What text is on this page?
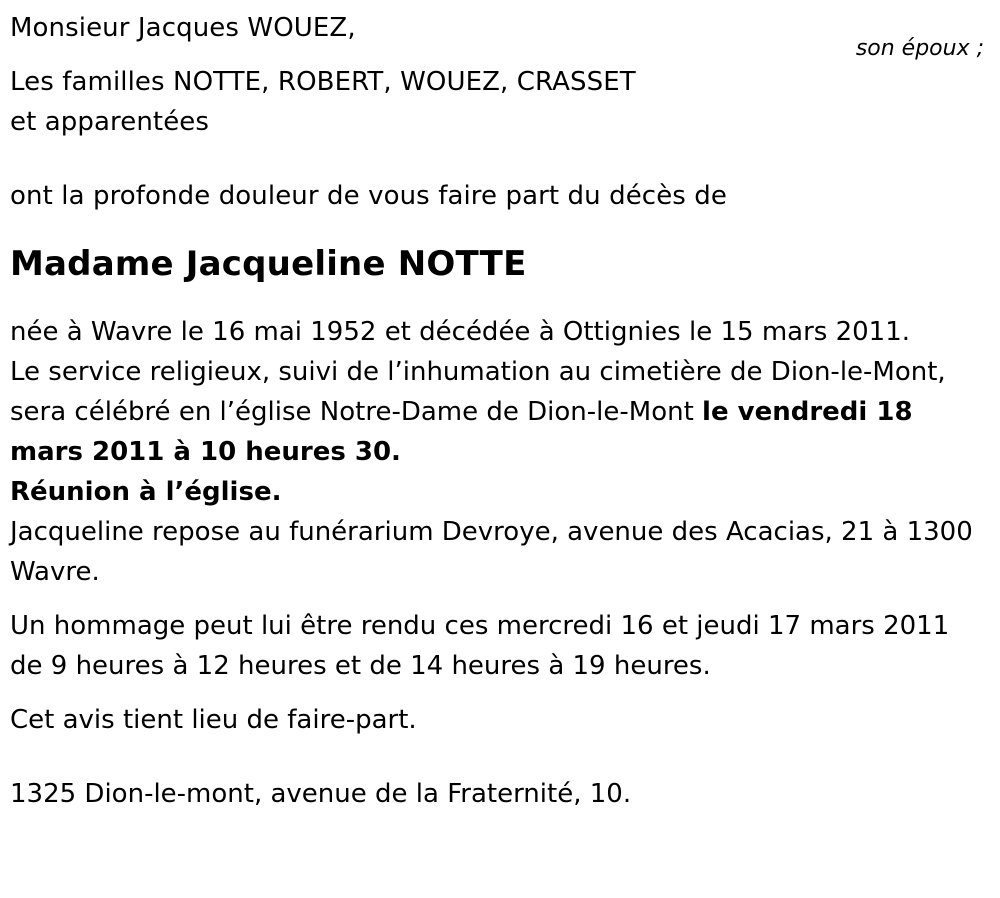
Monsieur Jacques WOUEZ,
son époux ;
Les familles NOTTE, ROBERT, WOUEZ, CRASSET
et apparentées
ont la profonde douleur de vous faire part du décès de
Madame Jacqueline NOTTE
née à Wavre le 16 mai 1952 et décédée à Ottignies le 15 mars 2011.
Le service religieux, suivi de l’inhumation au cimetière de Dion-le-Mont, sera célébré en l’église Notre-Dame de Dion-le-Mont le vendredi 18 mars 2011 à 10 heures 30.
Réunion à l’église.
Jacqueline repose au funérarium Devroye, avenue des Acacias, 21 à 1300 Wavre.
Un hommage peut lui être rendu ces mercredi 16 et jeudi 17 mars 2011 de 9 heures à 12 heures et de 14 heures à 19 heures.
Cet avis tient lieu de faire-part.
1325 Dion-le-mont, avenue de la Fraternité, 10.
